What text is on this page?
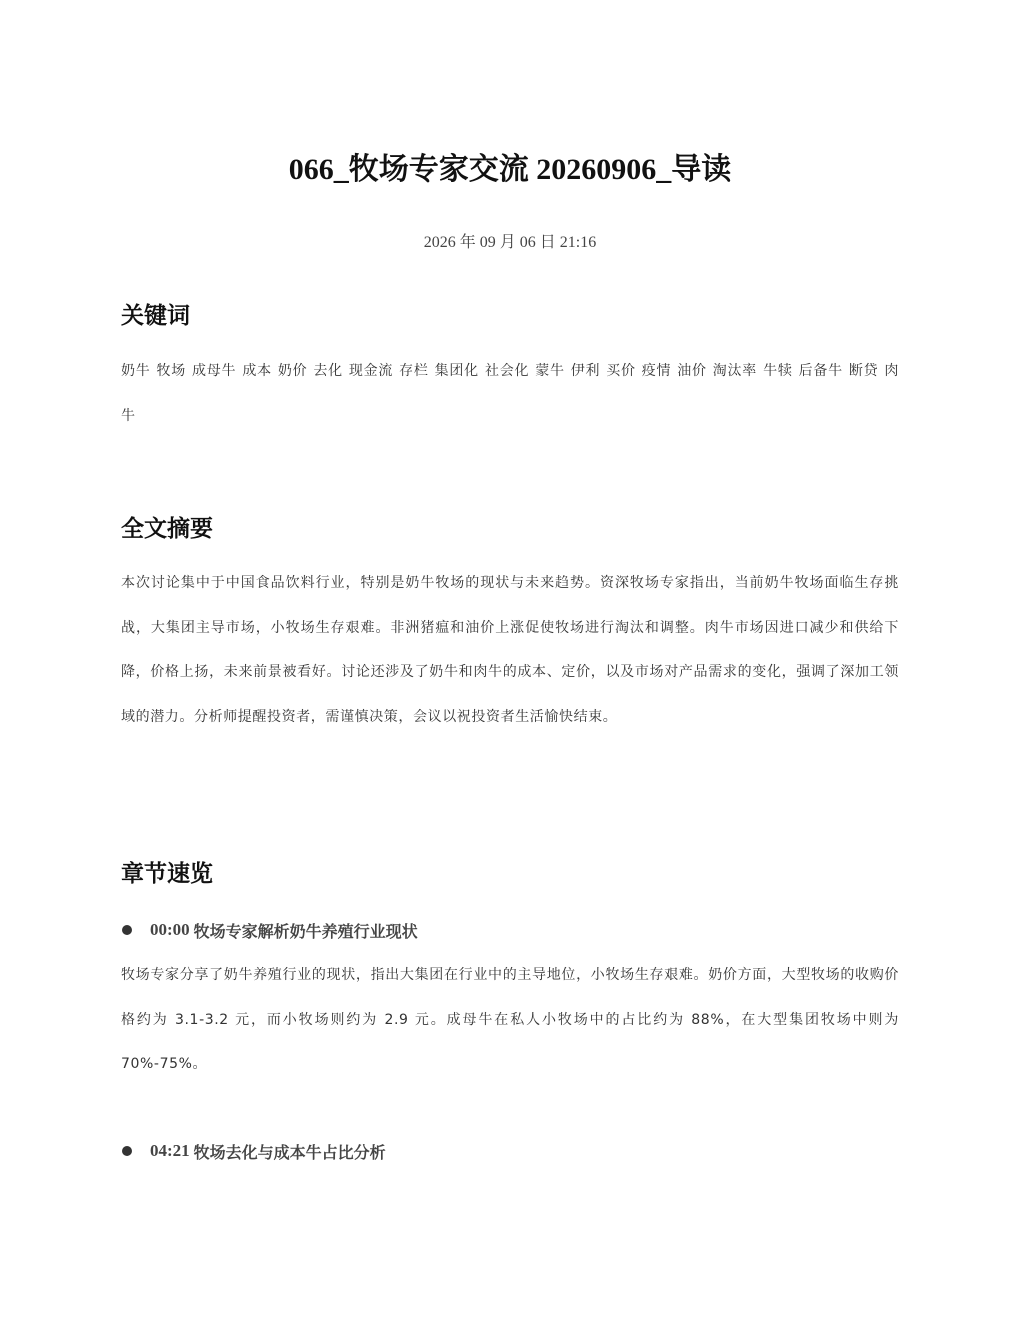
066_牧场专家交流 20260906_导读
2026 年 09 月 06 日 21:16
关键词

奶牛 牧场 成母牛 成本 奶价 去化 现金流 存栏 集团化 社会化 蒙牛 伊利 买价 疫情 油价 淘汰率 牛犊 后备牛 断贷 肉牛

全文摘要

本次讨论集中于中国食品饮料行业，特别是奶牛牧场的现状与未来趋势。资深牧场专家指出，当前奶牛牧场面临生存挑战，大集团主导市场，小牧场生存艰难。非洲猪瘟和油价上涨促使牧场进行淘汰和调整。肉牛市场因进口减少和供给下降，价格上扬，未来前景被看好。讨论还涉及了奶牛和肉牛的成本、定价，以及市场对产品需求的变化，强调了深加工领域的潜力。分析师提醒投资者，需谨慎决策，会议以祝投资者生活愉快结束。

章节速览
00:00 牧场专家解析奶牛养殖行业现状

牧场专家分享了奶牛养殖行业的现状，指出大集团在行业中的主导地位，小牧场生存艰难。奶价方面，大型牧场的收购价格约为 3.1-3.2 元，而小牧场则约为 2.9 元。成母牛在私人小牧场中的占比约为 88%，在大型集团牧场中则为 70%-75%。

04:21 牧场去化与成本牛占比分析
